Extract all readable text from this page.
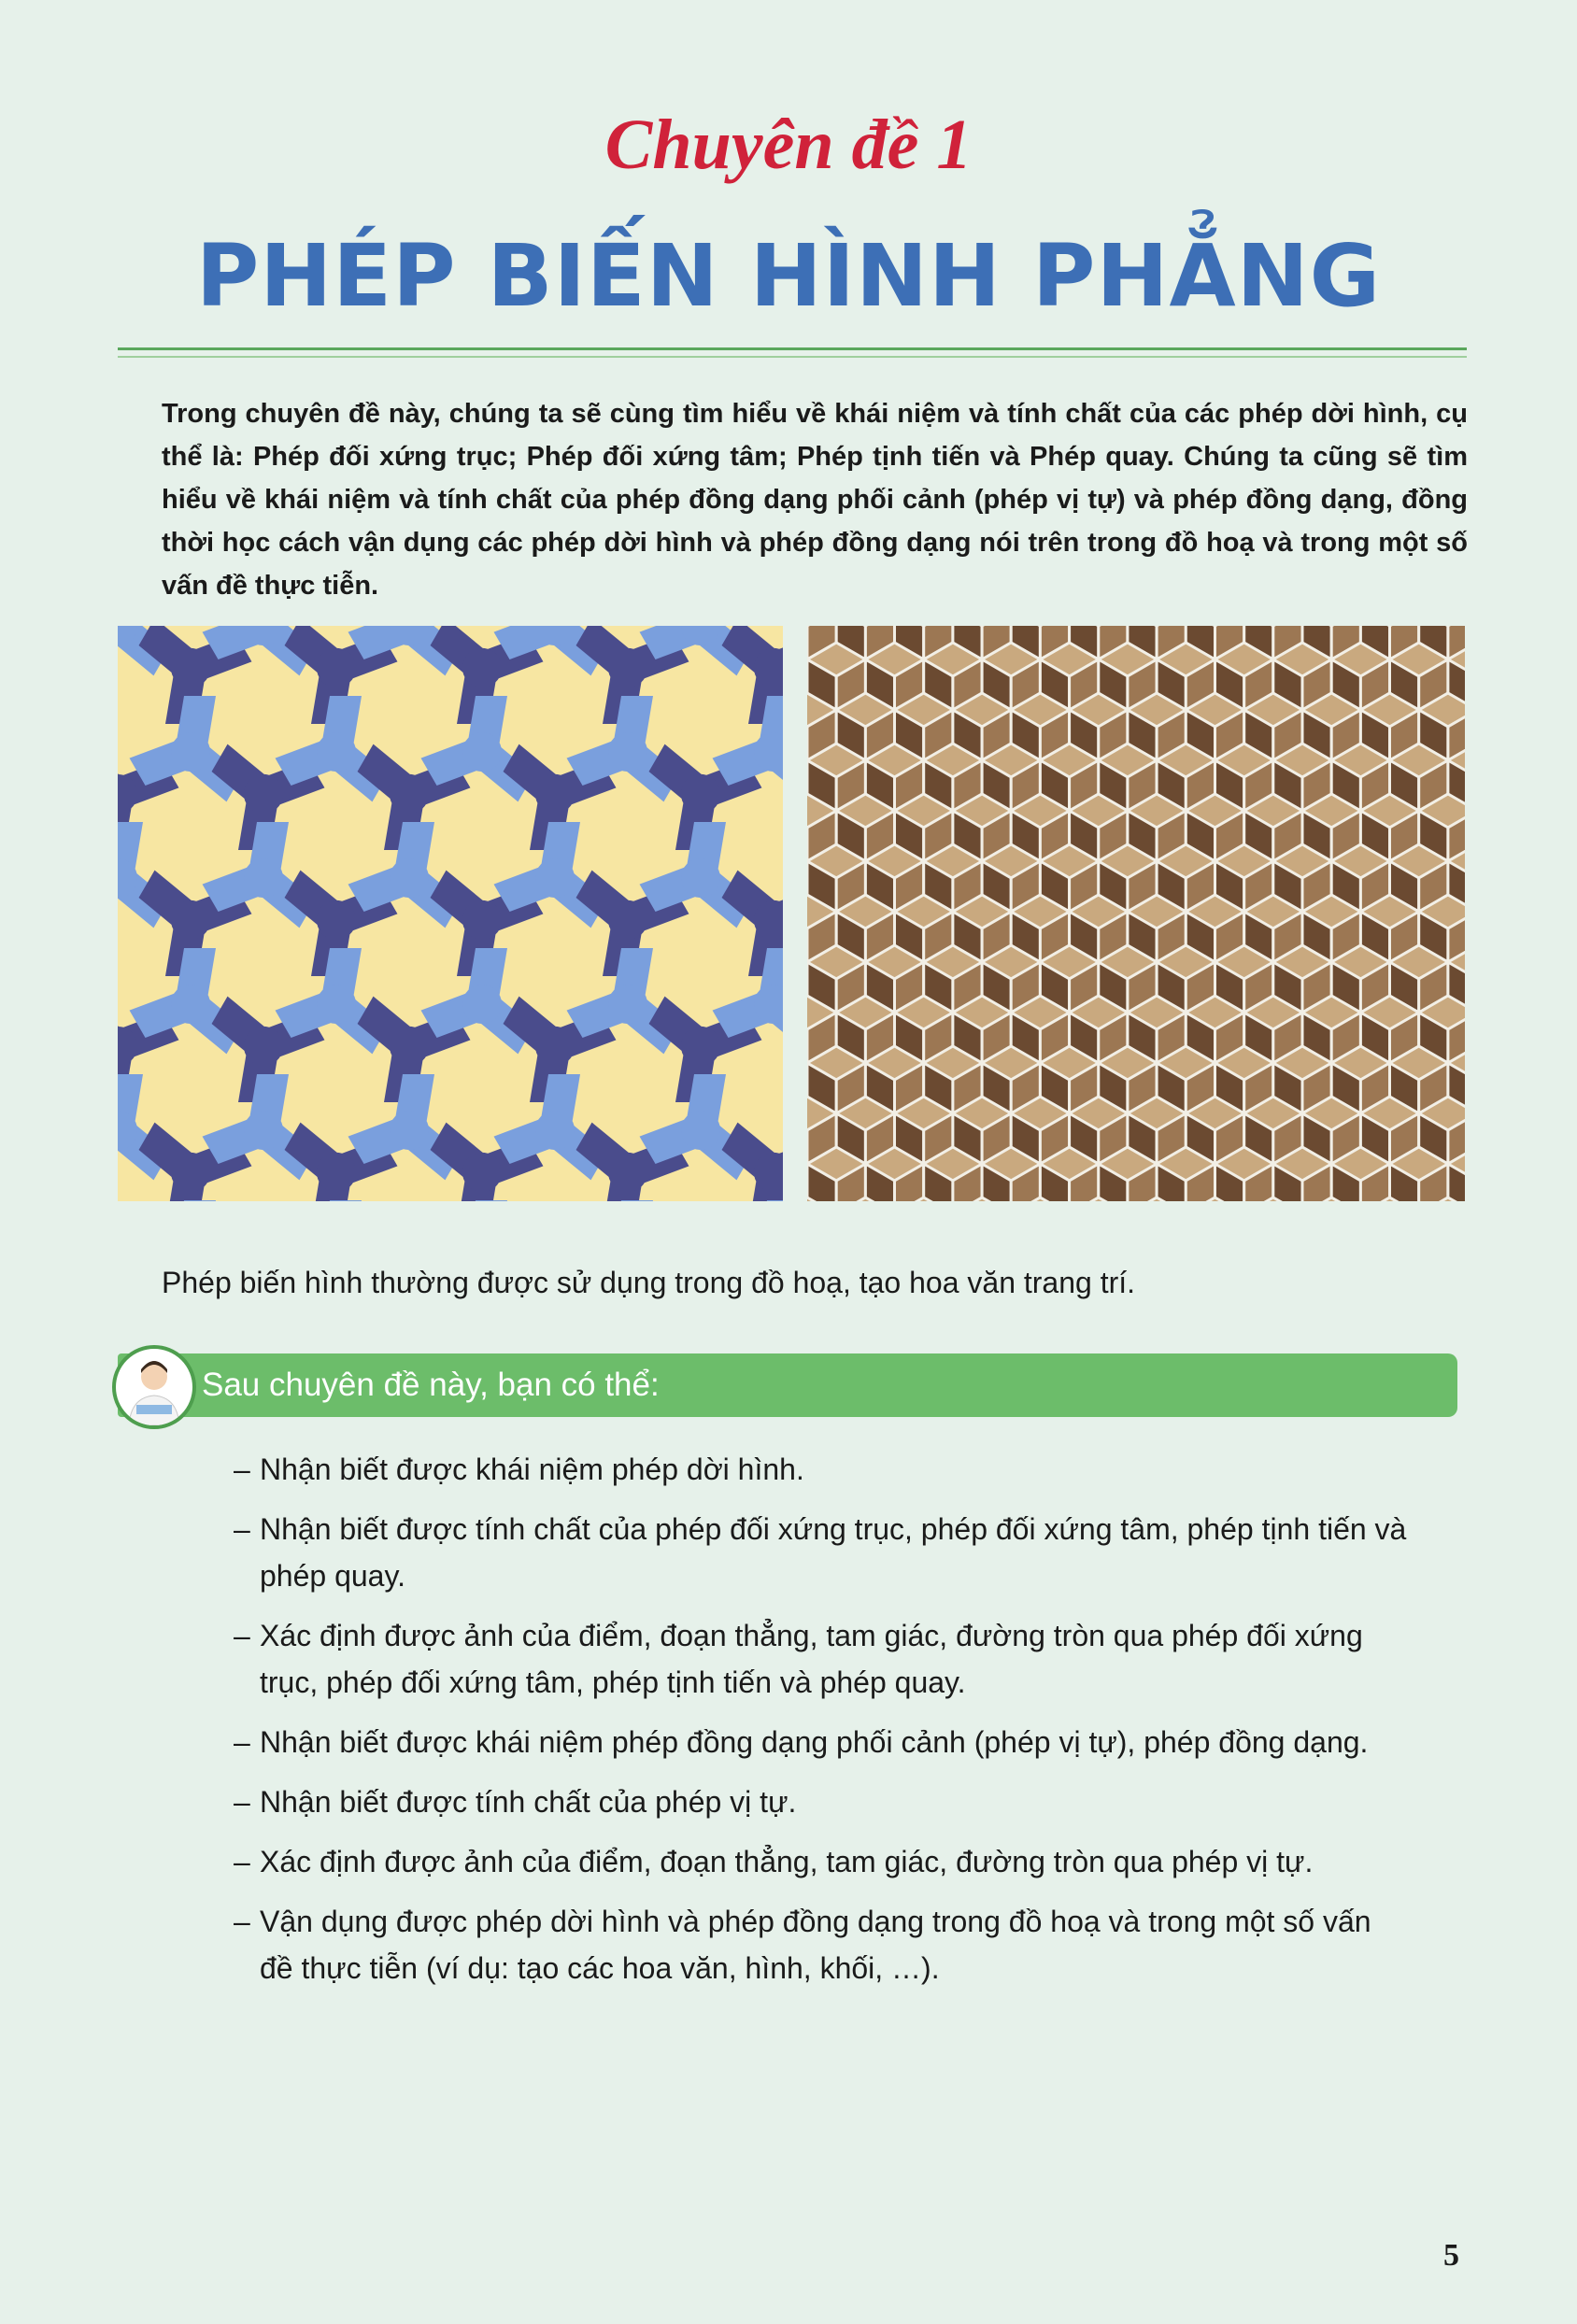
Chuyên đề 1
PHÉP BIẾN HÌNH PHẲNG
Trong chuyên đề này, chúng ta sẽ cùng tìm hiểu về khái niệm và tính chất của các phép dời hình, cụ thể là: Phép đối xứng trục; Phép đối xứng tâm; Phép tịnh tiến và Phép quay. Chúng ta cũng sẽ tìm hiểu về khái niệm và tính chất của phép đồng dạng phối cảnh (phép vị tự) và phép đồng dạng, đồng thời học cách vận dụng các phép dời hình và phép đồng dạng nói trên trong đồ hoạ và trong một số vấn đề thực tiễn.
Phép biến hình thường được sử dụng trong đồ hoạ, tạo hoa văn trang trí.
Sau chuyên đề này, bạn có thể:
– Nhận biết được khái niệm phép dời hình.
– Nhận biết được tính chất của phép đối xứng trục, phép đối xứng tâm, phép tịnh tiến và phép quay.
– Xác định được ảnh của điểm, đoạn thẳng, tam giác, đường tròn qua phép đối xứng trục, phép đối xứng tâm, phép tịnh tiến và phép quay.
– Nhận biết được khái niệm phép đồng dạng phối cảnh (phép vị tự), phép đồng dạng.
– Nhận biết được tính chất của phép vị tự.
– Xác định được ảnh của điểm, đoạn thẳng, tam giác, đường tròn qua phép vị tự.
– Vận dụng được phép dời hình và phép đồng dạng trong đồ hoạ và trong một số vấn đề thực tiễn (ví dụ: tạo các hoa văn, hình, khối, …).
5
